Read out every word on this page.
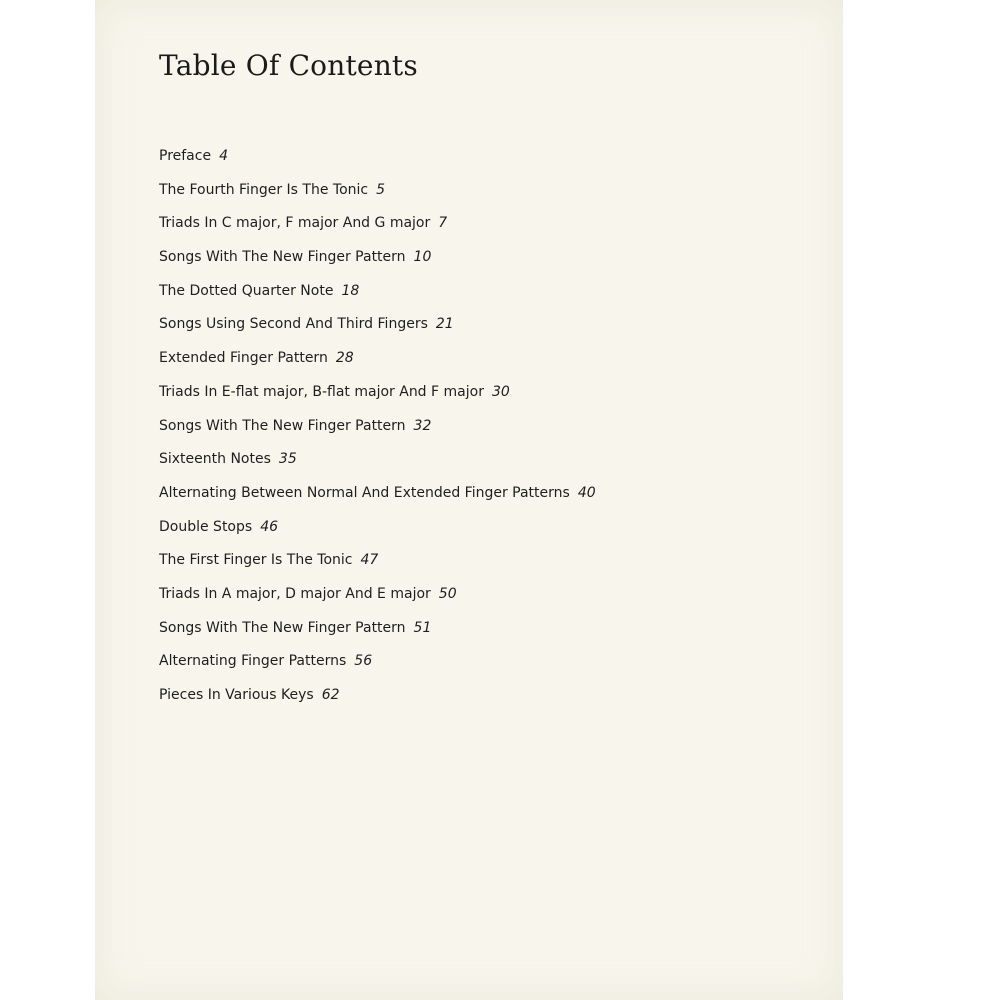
Table Of Contents
Preface 4
The Fourth Finger Is The Tonic 5
Triads In C major, F major And G major 7
Songs With The New Finger Pattern 10
The Dotted Quarter Note 18
Songs Using Second And Third Fingers 21
Extended Finger Pattern 28
Triads In E-flat major, B-flat major And F major 30
Songs With The New Finger Pattern 32
Sixteenth Notes 35
Alternating Between Normal And Extended Finger Patterns 40
Double Stops 46
The First Finger Is The Tonic 47
Triads In A major, D major And E major 50
Songs With The New Finger Pattern 51
Alternating Finger Patterns 56
Pieces In Various Keys 62
